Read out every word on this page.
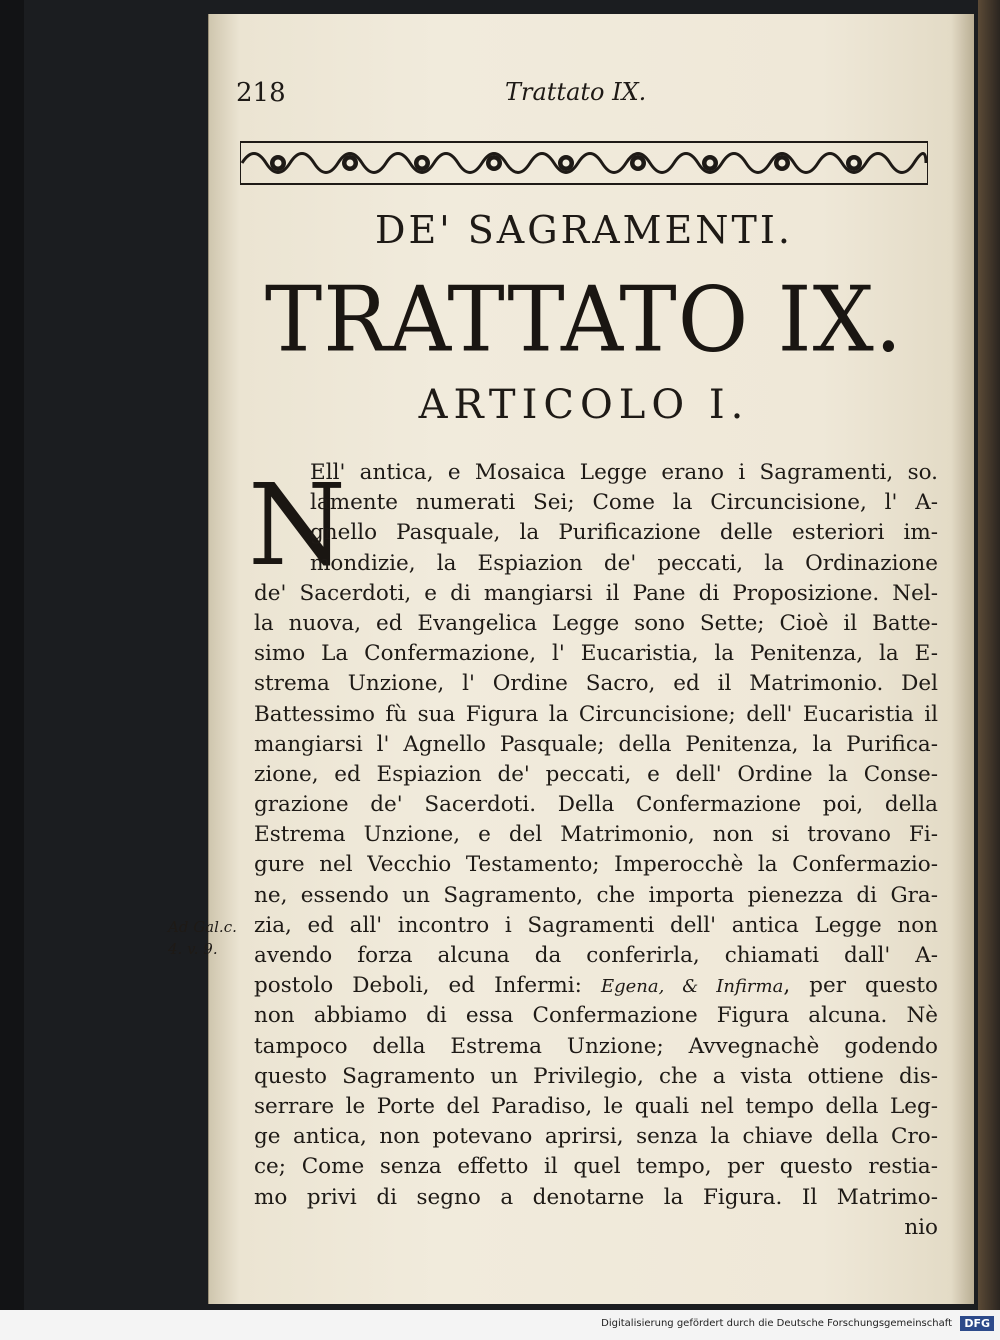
218	Trattato IX.
DE' SAGRAMENTI.
TRATTATO IX.
ARTICOLO I.
N
Ell' antica, e Mosaica Legge erano i Sagramenti, so.
lamente numerati Sei; Come la Circuncisione, l' A-
gnello Pasquale, la Purificazione delle esteriori im-
mondizie, la Espiazion de' peccati, la Ordinazione
de' Sacerdoti, e di mangiarsi il Pane di Proposizione. Nel-
la nuova, ed Evangelica Legge sono Sette; Cioè il Batte-
simo La Confermazione, l' Eucaristia, la Penitenza, la E-
strema Unzione, l' Ordine Sacro, ed il Matrimonio. Del
Battessimo fù sua Figura la Circuncisione; dell' Eucaristia il
mangiarsi l' Agnello Pasquale; della Penitenza, la Purifica-
zione, ed Espiazion de' peccati, e dell' Ordine la Conse-
grazione de' Sacerdoti. Della Confermazione poi, della
Estrema Unzione, e del Matrimonio, non si trovano Fi-
gure nel Vecchio Testamento; Imperocchè la Confermazio-
ne, essendo un Sagramento, che importa pienezza di Gra-
zia, ed all' incontro i Sagramenti dell' antica Legge non
avendo forza alcuna da conferirla, chiamati dall' A-
postolo Deboli, ed Infermi: Egena, & Infirma, per questo
non abbiamo di essa Confermazione Figura alcuna. Nè
tampoco della Estrema Unzione; Avvegnachè godendo
questo Sagramento un Privilegio, che a vista ottiene dis-
serrare le Porte del Paradiso, le quali nel tempo della Leg-
ge antica, non potevano aprirsi, senza la chiave della Cro-
ce; Come senza effetto il quel tempo, per questo restia-
mo privi di segno a denotarne la Figura. Il Matrimo-
nio
Ad Gal.c.
4. v. 9.
Digitalisierung gefördert durch die Deutsche Forschungsgemeinschaft	DFG
